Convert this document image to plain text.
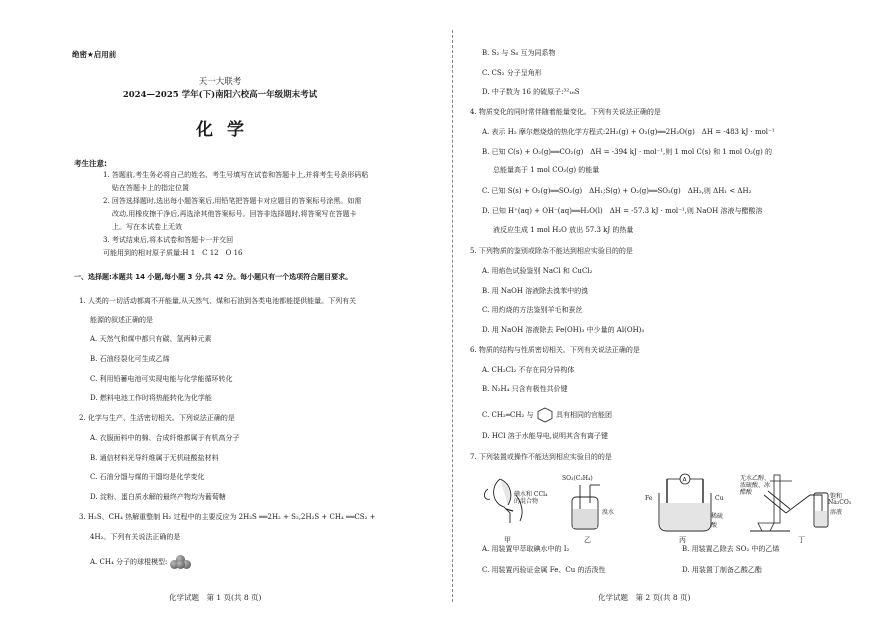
绝密★启用前
天一大联考
2024—2025 学年(下)南阳六校高一年级期末考试
化学
考生注意:
1. 答题前,考生务必将自己的姓名、考生号填写在试卷和答题卡上,并将考生号条形码粘
贴在答题卡上的指定位置
2. 回答选择题时,选出每小题答案后,用铅笔把答题卡对应题目的答案标号涂黑。如需
改动,用橡皮擦干净后,再选涂其他答案标号。回答非选择题时,将答案写在答题卡
上。写在本试卷上无效
3. 考试结束后,将本试卷和答题卡一并交回
可能用到的相对原子质量:H 1　C 12　O 16
一、选择题:本题共 14 小题,每小题 3 分,共 42 分。每小题只有一个选项符合题目要求。
1. 人类的一切活动都离不开能量,从天然气、煤和石油到各类电池都能提供能量。下列有关
能源的叙述正确的是
A. 天然气和煤中都只有碳、氢两种元素
B. 石油经裂化可生成乙烯
C. 利用铅蓄电池可实现电能与化学能循环转化
D. 燃料电池工作时将热能转化为化学能
2. 化学与生产、生活密切相关。下列说法正确的是
A. 衣服面料中的棉、合成纤维都属于有机高分子
B. 通信材料光导纤维属于无机硅酸盐材料
C. 石油分馏与煤的干馏均是化学变化
D. 淀粉、蛋白质水解的最终产物均为葡萄糖
3. H₂S、CH₄ 热解重整制 H₂ 过程中的主要反应为 2H₂S ══2H₂ + S₂,2H₂S + CH₄ ══CS₂ +
4H₂。下列有关说法正确的是
A. CH₄ 分子的球棍模型:
化学试题　第 1 页(共 8 页)
B. S₂ 与 S₆ 互为同系物
C. CS₂ 分子呈角形
D. 中子数为 16 的硫原子:³²₁₆S
4. 物质变化的同时常伴随着能量变化。下列有关说法正确的是
A. 表示 H₂ 摩尔燃烧焓的热化学方程式:2H₂(g) + O₂(g)══2H₂O(g)　ΔH = -483 kJ · mol⁻¹
B. 已知 C(s) + O₂(g)══CO₂(g)　ΔH = -394 kJ · mol⁻¹,则 1 mol C(s) 和 1 mol O₂(g) 的
总能量高于 1 mol CO₂(g) 的能量
C. 已知 S(s) + O₂(g)══SO₂(g)　ΔH₁;S(g) + O₂(g)══SO₂(g)　ΔH₂,则 ΔH₁ < ΔH₂
D. 已知 H⁺(aq) + OH⁻(aq)══H₂O(l)　ΔH = -57.3 kJ · mol⁻¹,则 NaOH 溶液与醋酸溶
液反应生成 1 mol H₂O 放出 57.3 kJ 的热量
5. 下列物质的鉴别或除杂不能达到相应实验目的的是
A. 用焰色试验鉴别 NaCl 和 CuCl₂
B. 用 NaOH 溶液除去溴苯中的溴
C. 用灼烧的方法鉴别羊毛和蚕丝
D. 用 NaOH 溶液除去 Fe(OH)₃ 中少量的 Al(OH)₃
6. 物质的结构与性质密切相关。下列有关说法正确的是
A. CH₂Cl₂ 不存在同分异构体
B. N₂H₄ 只含有极性共价键
C. CH₂═CH₂ 与	具有相同的官能团
D. HCl 溶于水能导电,说明其含有离子键
7. 下列装置或操作不能达到相应实验目的的是
碘水和 CCl₄ 的混合物
甲
SO₂(C₂H₄)
溴水
乙
A
Fe	Cu
稀硫酸
丙
无水乙醇、浓硫酸、冰醋酸
饱和
Na₂CO₃
溶液
丁
A. 用装置甲萃取碘水中的 I₂	B. 用装置乙除去 SO₂ 中的乙烯
C. 用装置丙验证金属 Fe、Cu 的活泼性	D. 用装置丁制备乙酸乙酯
化学试题　第 2 页(共 8 页)
